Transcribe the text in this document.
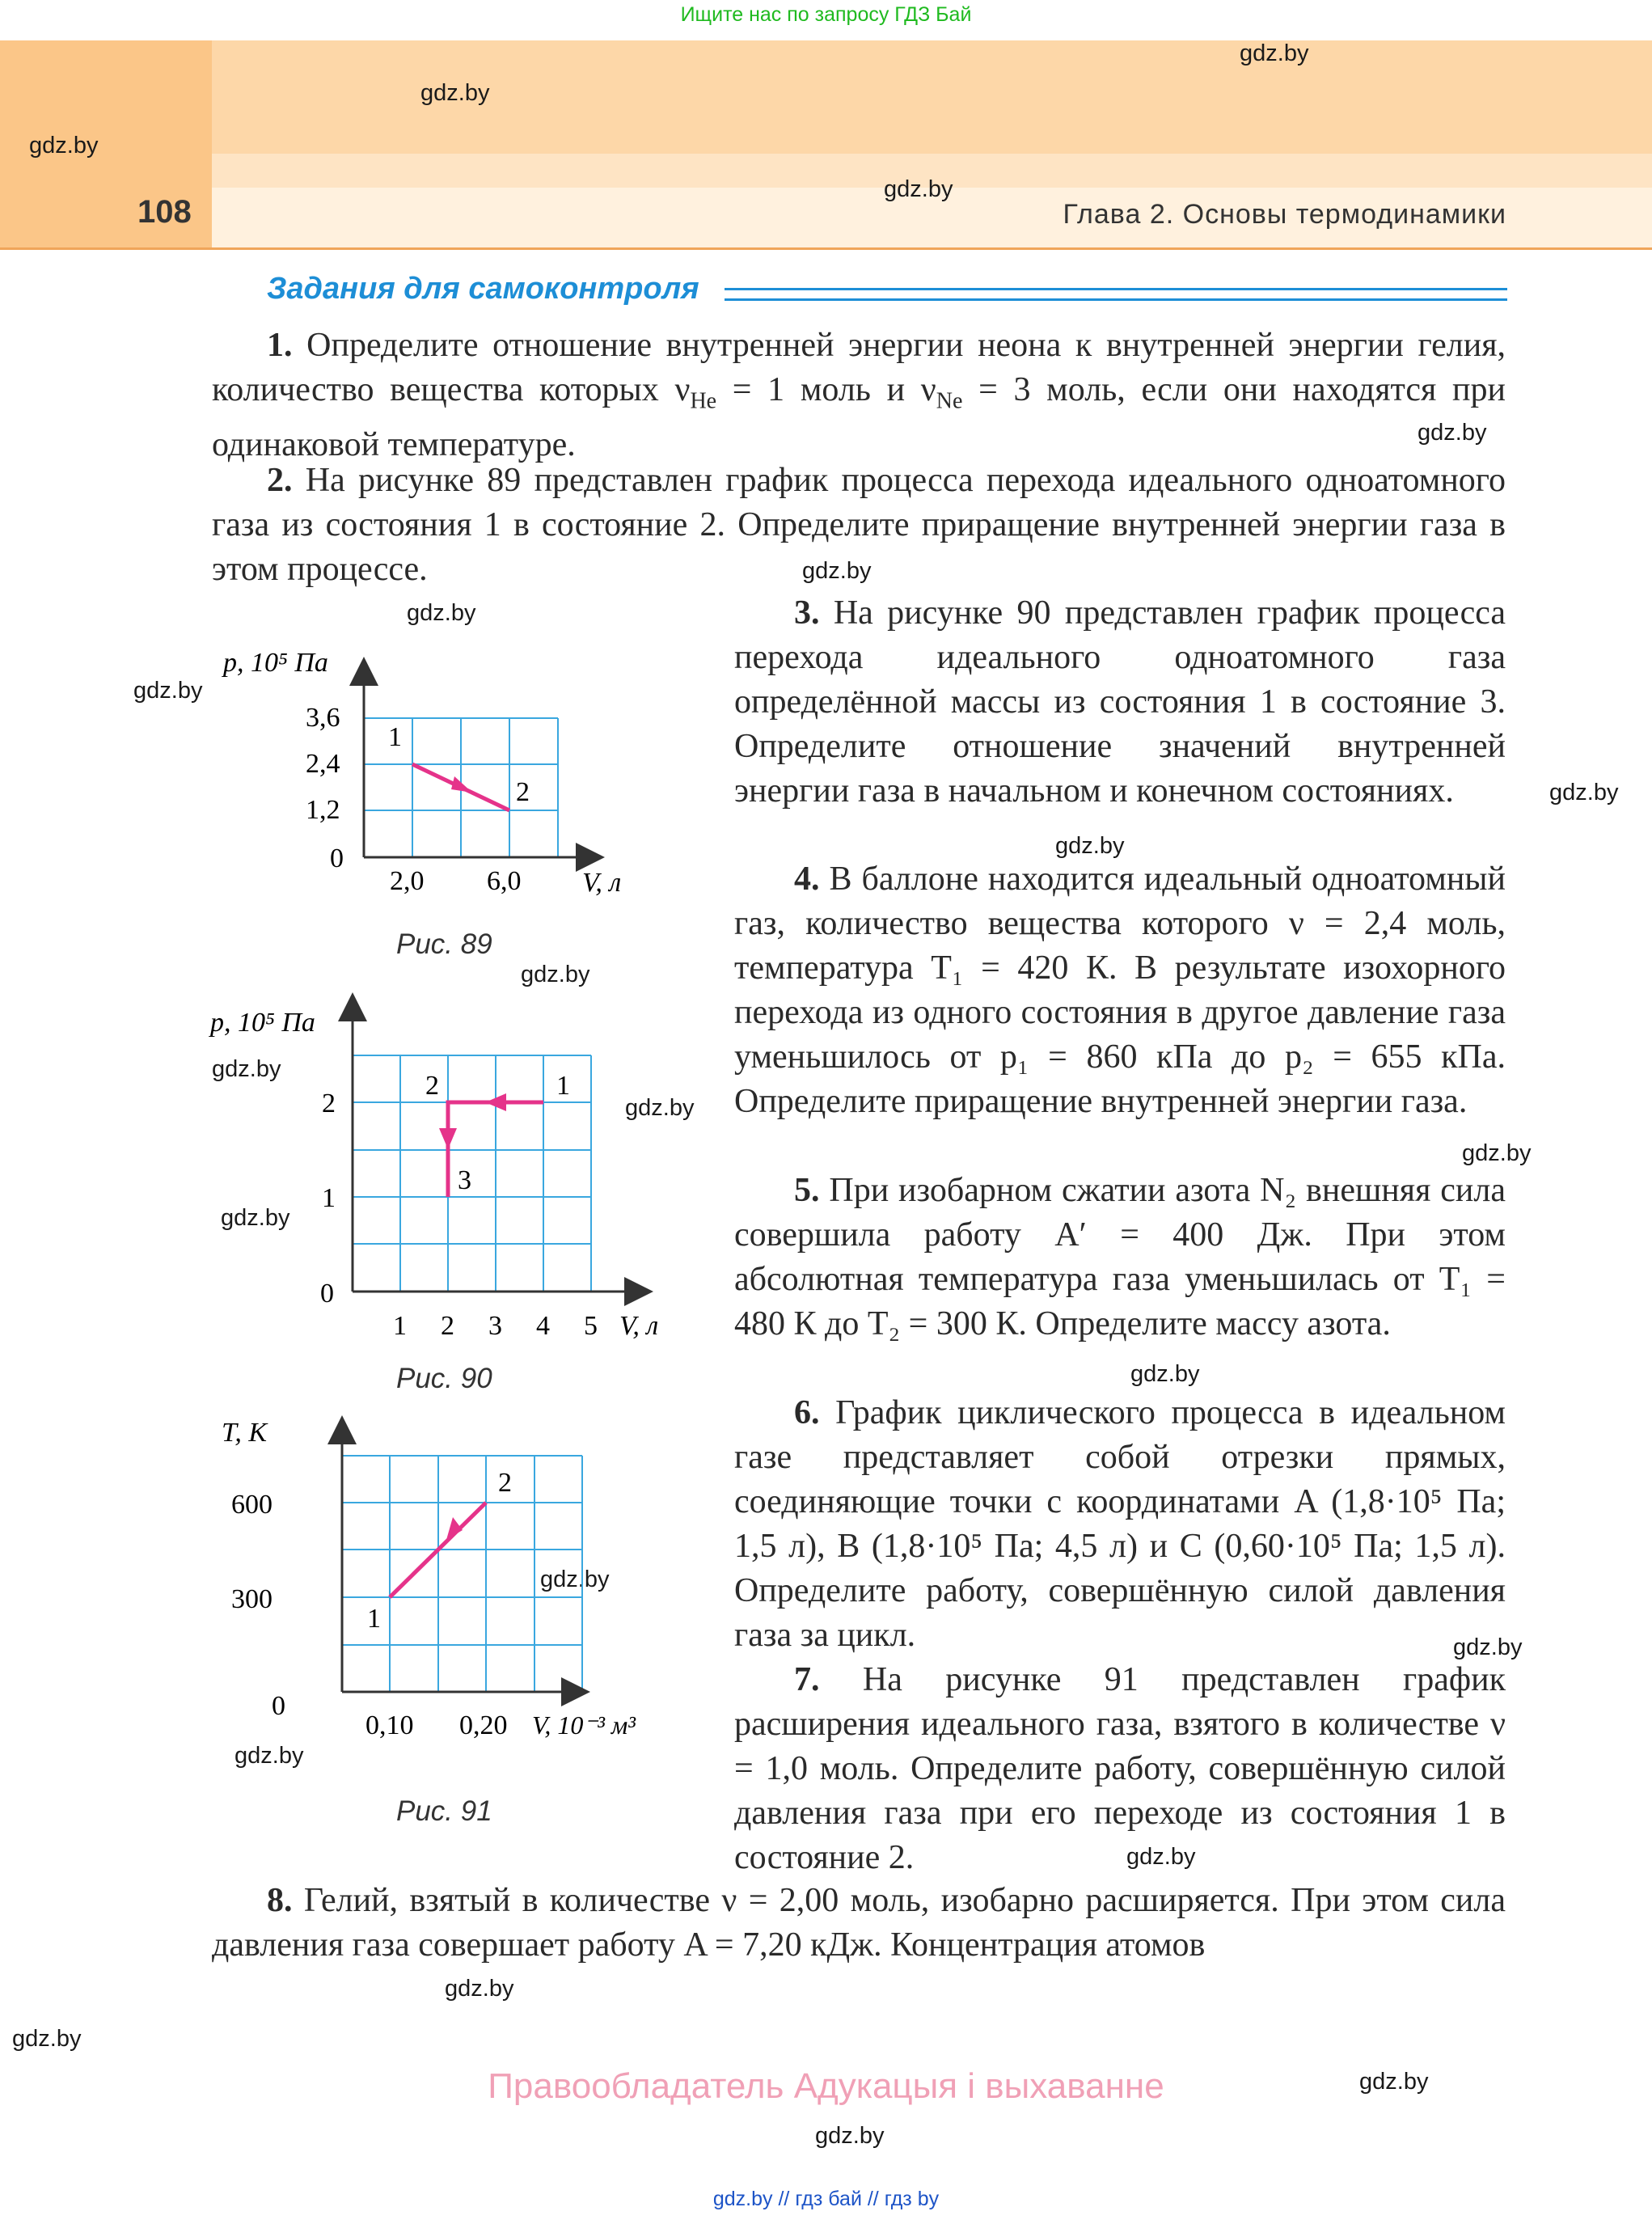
Ищите нас по запросу ГДЗ Бай
108	Глава 2. Основы термодинамики
gdz.by
gdz.by
gdz.by
gdz.by
gdz.by
gdz.by
gdz.by
gdz.by
gdz.by
gdz.by
gdz.by
gdz.by
gdz.by
gdz.by
gdz.by
gdz.by
gdz.by
gdz.by
gdz.by
gdz.by
gdz.by
gdz.by
gdz.by
gdz.by
Задания для самоконтроля
1. Определите отношение внутренней энергии неона к внутренней энергии гелия, количество вещества которых $\nu_{He} = 1$ моль и $\nu_{Ne} = 3$ моль, если они находятся при одинаковой температуре.
2. На рисунке 89 представлен график процесса перехода идеального одноатомного газа из состояния 1 в состояние 2. Определите приращение внутренней энергии газа в этом процессе.
3. На рисунке 90 представлен график процесса перехода идеального одноатомного газа определённой массы из состояния 1 в состояние 3. Определите отношение значений внутренней энергии газа в начальном и конечном состояниях.
4. В баллоне находится идеальный одноатомный газ, количество вещества которого ν = 2,4 моль, температура T₁ = 420 К. В результате изохорного перехода из одного состояния в другое давление газа уменьшилось от p₁ = 860 кПа до p₂ = 655 кПа. Определите приращение внутренней энергии газа.
5. При изобарном сжатии азота N₂ внешняя сила совершила работу A′ = 400 Дж. При этом абсолютная температура газа уменьшилась от T₁ = 480 К до T₂ = 300 К. Определите массу азота.
6. График циклического процесса в идеальном газе представляет собой отрезки прямых, соединяющие точки с координатами A (1,8·10⁵ Па; 1,5 л), B (1,8·10⁵ Па; 4,5 л) и C (0,60·10⁵ Па; 1,5 л). Определите работу, совершённую силой давления газа за цикл.
7. На рисунке 91 представлен график расширения идеального газа, взятого в количестве ν = 1,0 моль. Определите работу, совершённую силой давления газа при его переходе из состояния 1 в состояние 2.
8. Гелий, взятый в количестве ν = 2,00 моль, изобарно расширяется. При этом сила давления газа совершает работу A = 7,20 кДж. Концентрация атомов
p, 10⁵ Па
3,6
2,4
1,2
0
2,0 6,0 V, л
1
2
Рис. 89
p, 10⁵ Па
2
1
0
1 2 3 4 5 V, л
1
2
3
Рис. 90
T, К
600
300
0
0,10 0,20 V, 10⁻³ м³
1
2
Рис. 91
Правообладатель Адукацыя і выхаванне
gdz.by // гдз бай // гдз by
